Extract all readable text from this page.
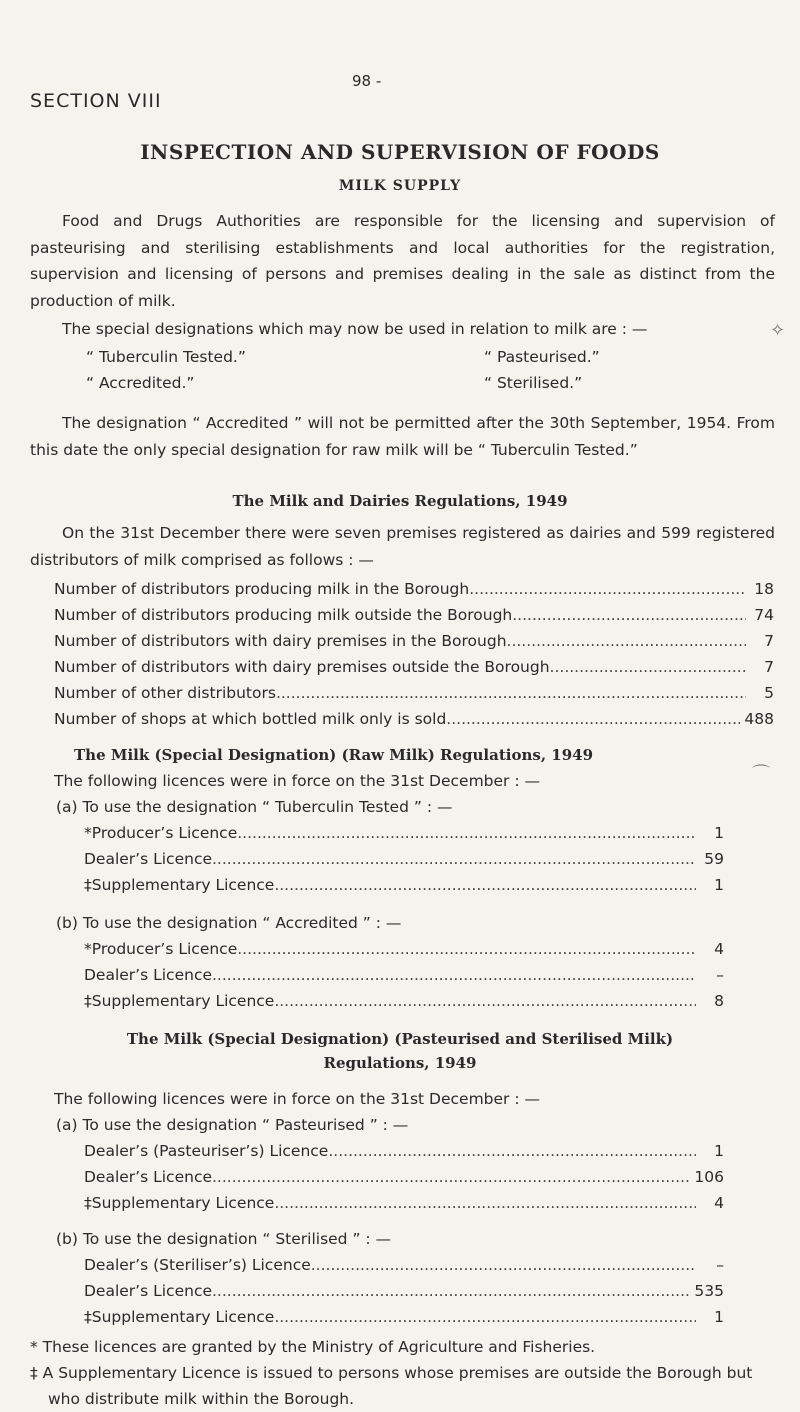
98 -
SECTION VIII
INSPECTION AND SUPERVISION OF FOODS
MILK SUPPLY
Food and Drugs Authorities are responsible for the licensing and supervision of pasteurising and sterilising establishments and local authorities for the registration, supervision and licensing of persons and premises dealing in the sale as distinct from the production of milk.
The special designations which may now be used in relation to milk are : —
“ Tuberculin Tested.”	“ Pasteurised.”
“ Accredited.”	“ Sterilised.”
The designation “ Accredited ” will not be permitted after the 30th September, 1954. From this date the only special designation for raw milk will be “ Tuberculin Tested.”
The Milk and Dairies Regulations, 1949
On the 31st December there were seven premises registered as dairies and 599 registered distributors of milk comprised as follows : —
Number of distributors producing milk in the Borough .....	18
Number of distributors producing milk outside the Borough .....	74
Number of distributors with dairy premises in the Borough .....	7
Number of distributors with dairy premises outside the Borough .....	7
Number of other distributors .....	5
Number of shops at which bottled milk only is sold .....	488
The Milk (Special Designation) (Raw Milk) Regulations, 1949
The following licences were in force on the 31st December : —
(a) To use the designation “ Tuberculin Tested ” : —
*Producer’s Licence .....	1
Dealer’s Licence .....	59
‡Supplementary Licence .....	1
(b) To use the designation “ Accredited ” : —
*Producer’s Licence .....	4
Dealer’s Licence .....	–
‡Supplementary Licence .....	8
The Milk (Special Designation) (Pasteurised and Sterilised Milk)
Regulations, 1949
The following licences were in force on the 31st December : —
(a) To use the designation “ Pasteurised ” : —
Dealer’s (Pasteuriser’s) Licence .....	1
Dealer’s Licence .....	106
‡Supplementary Licence .....	4
(b) To use the designation “ Sterilised ” : —
Dealer’s (Steriliser’s) Licence .....	–
Dealer’s Licence .....	535
‡Supplementary Licence .....	1
* These licences are granted by the Ministry of Agriculture and Fisheries.
‡ A Supplementary Licence is issued to persons whose premises are outside the Borough but who distribute milk within the Borough.
✧
⌒
